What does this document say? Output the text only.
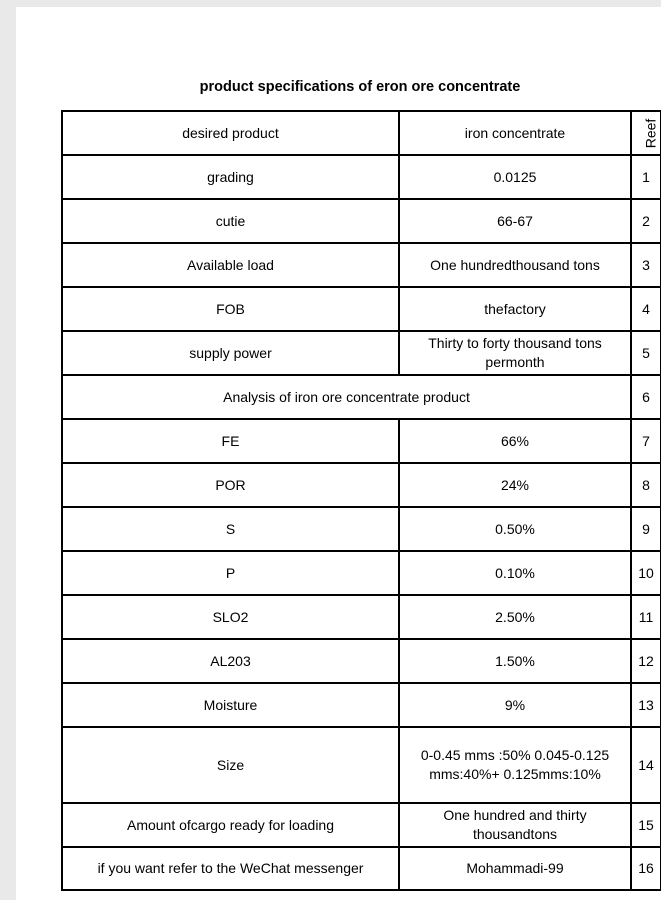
product specifications of eron ore concentrate
desired product	iron concentrate	Reef
grading	0.0125	1
cutie	66-67	2
Available load	One hundredthousand tons	3
FOB	thefactory	4
supply power	Thirty to forty thousand tons permonth	5
Analysis of iron ore concentrate product		6
FE	66%	7
POR	24%	8
S	0.50%	9
P	0.10%	10
SLO2	2.50%	11
AL203	1.50%	12
Moisture	9%	13
Size	0-0.45 mms :50% 0.045-0.125 mms:40%+ 0.125mms:10%	14
Amount ofcargo ready for loading	One hundred and thirty thousandtons	15
if you want refer to the WeChat messenger	Mohammadi-99	16
